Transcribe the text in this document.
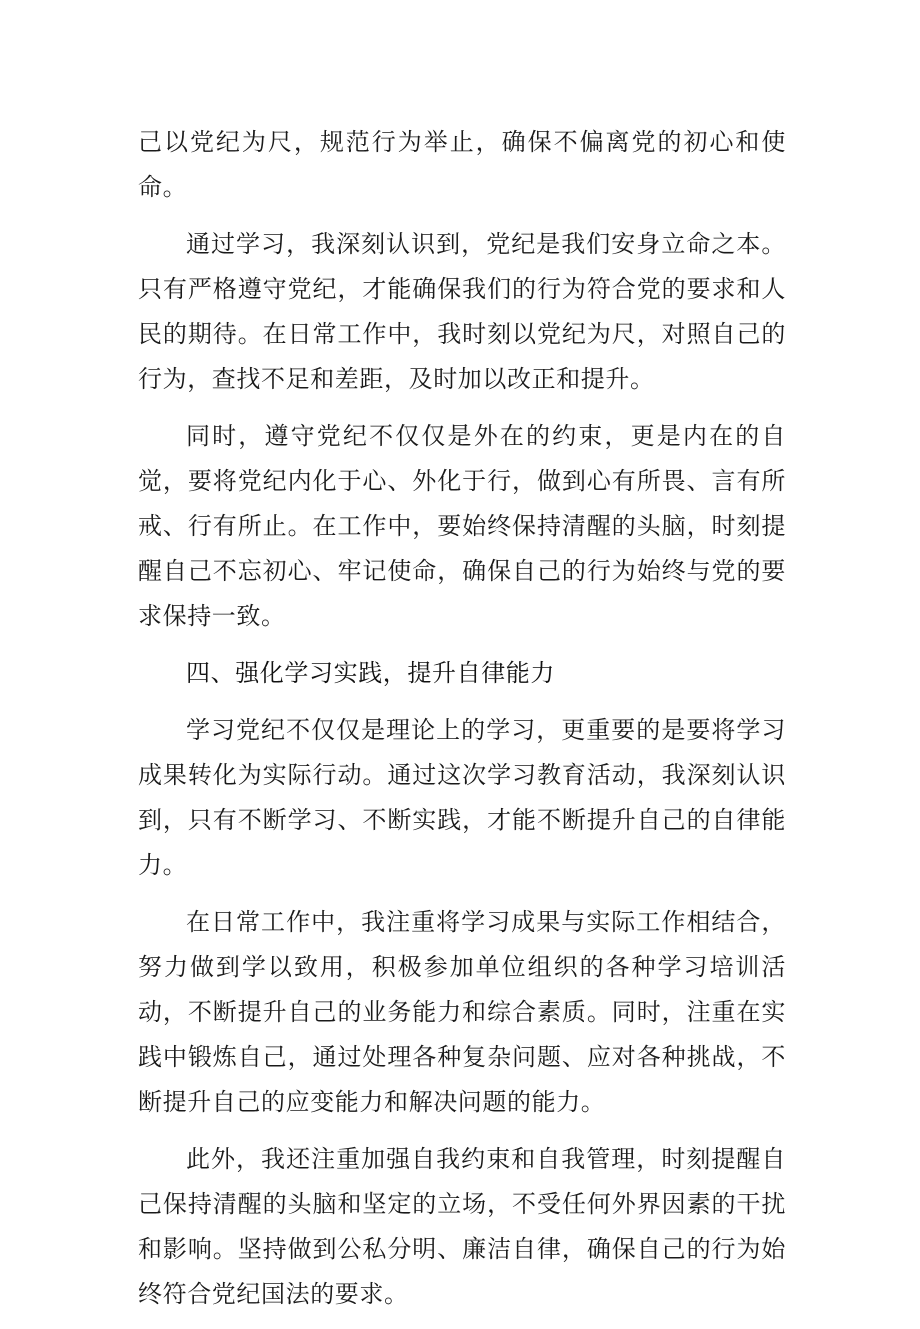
己以党纪为尺，规范行为举止，确保不偏离党的初心和使命。

通过学习，我深刻认识到，党纪是我们安身立命之本。只有严格遵守党纪，才能确保我们的行为符合党的要求和人民的期待。在日常工作中，我时刻以党纪为尺，对照自己的行为，查找不足和差距，及时加以改正和提升。

同时，遵守党纪不仅仅是外在的约束，更是内在的自觉，要将党纪内化于心、外化于行，做到心有所畏、言有所戒、行有所止。在工作中，要始终保持清醒的头脑，时刻提醒自己不忘初心、牢记使命，确保自己的行为始终与党的要求保持一致。

四、强化学习实践，提升自律能力

学习党纪不仅仅是理论上的学习，更重要的是要将学习成果转化为实际行动。通过这次学习教育活动，我深刻认识到，只有不断学习、不断实践，才能不断提升自己的自律能力。

在日常工作中，我注重将学习成果与实际工作相结合，努力做到学以致用，积极参加单位组织的各种学习培训活动，不断提升自己的业务能力和综合素质。同时，注重在实践中锻炼自己，通过处理各种复杂问题、应对各种挑战，不断提升自己的应变能力和解决问题的能力。

此外，我还注重加强自我约束和自我管理，时刻提醒自己保持清醒的头脑和坚定的立场，不受任何外界因素的干扰和影响。坚持做到公私分明、廉洁自律，确保自己的行为始终符合党纪国法的要求。
